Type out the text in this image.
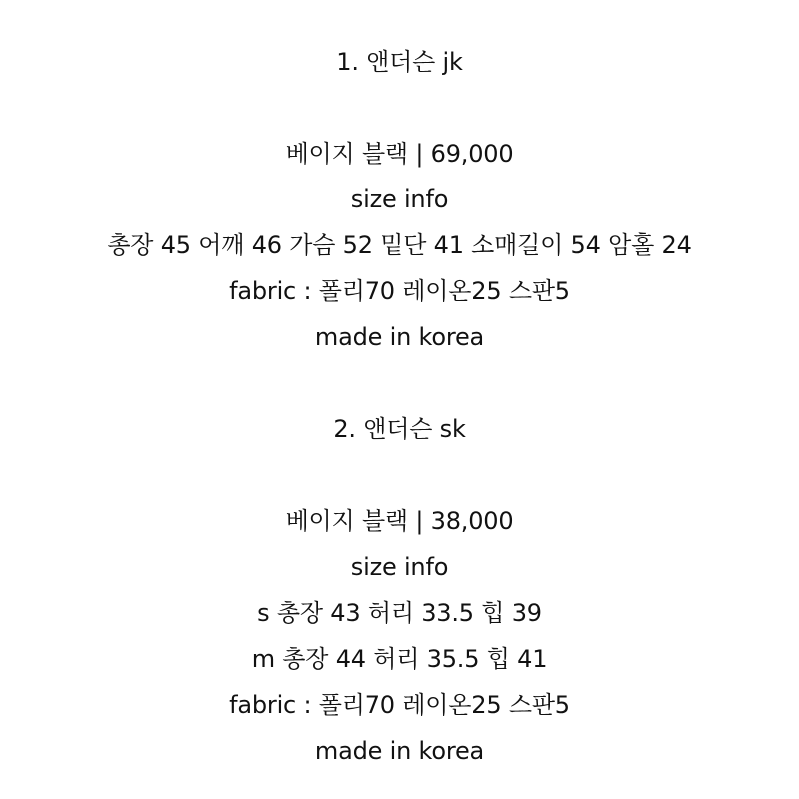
1. 앤더슨 jk
베이지 블랙 | 69,000
size info
총장 45 어깨 46 가슴 52 밑단 41 소매길이 54 암홀 24
fabric : 폴리70 레이온25 스판5
made in korea
2. 앤더슨 sk
베이지 블랙 | 38,000
size info
s 총장 43 허리 33.5 힙 39
m 총장 44 허리 35.5 힙 41
fabric : 폴리70 레이온25 스판5
made in korea
